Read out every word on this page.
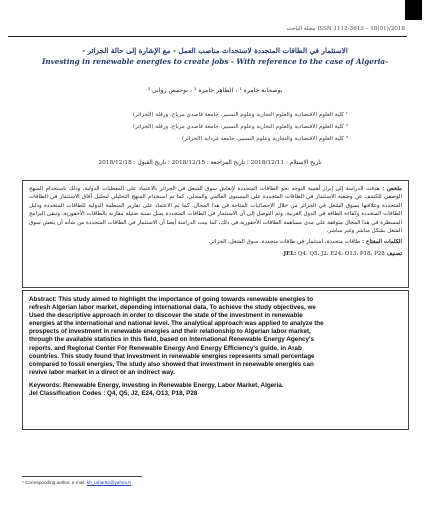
2018/(01)18 – ISSN 1112-3613 مجلة الباحث
الاستثمار في الطاقات المتجددة لاستحداث مناصب العمل - مع الإشارة إلى حالة الجزائر -
Investing in renewable energies to create jobs - With reference to the case of Algeria-
بوصحابة خامرة ¹ ، الطاهر خامرة ² ، بوحفص رواني ³
¹ كلية العلوم الاقتصادية والعلوم التجارية وعلوم التسيير، جامعة قاصدي مرباح، ورقلة (الجزائر)
² كلية العلوم الاقتصادية والعلوم التجارية وعلوم التسيير، جامعة قاصدي مرباح، ورقلة (الجزائر)
³ كلية العلوم الاقتصادية والتجارية وعلوم التسيير، جامعة غرداية (الجزائر)
تاريخ الاستلام : 2018/12/11 ؛ تاريخ المراجعة : 2018/12/15 ؛ تاريخ القبول : 2018/12/18
ملخص : هدفت الدراسة إلى إبراز أهمية التوجه نحو الطاقات المتجددة لإنعاش سوق الشغل في الجزائر بالاعتماد على المعطيات الدولية، وذلك باستخدام المنهج الوصفي للكشف عن وضعية الاستثمار في الطاقات المتجددة على المستوى العالمي والمحلي، كما تم استخدام المنهج التحليلي لتحليل آفاق الاستثمار في الطاقات المتجددة وعلاقتها بسوق الشغل في الجزائر من خلال الإحصائيات المتاحة في هذا المجال، كما تم الاعتماد على تقارير المنظمة الدولية للطاقات المتجددة ودليل الطاقات المتجددة وكفاءة الطاقة في الدول العربية، وتم التوصل إلى أن الاستثمار في الطاقات المتجددة يمثل نسبة ضئيلة مقارنة بالطاقات الأحفورية، وتبقى البرامج المسطرة في هذا المجال متوقفة على مدى مساهمة الطاقات الأحفورية في ذلك، كما بينت الدراسة أيضا أن الاستثمار في الطاقات المتجددة من شأنه أن ينعش سوق الشغل بشكل مباشر وغير مباشر.
الكلمات المفتاح : طاقات متجددة، استثمار في طاقات متجددة، سوق الشغل، الجزائر.
تصنيف JEL: Q4، Q5، J2، E24، O13، P18، P28.
Abstract: This study aimed to highlight the importance of going towards renewable energies to
refresh Algerian labor market, depending international data, To achieve the study objectives, we
Used the descriptive approach in order to discover the state of the investment in renewable
energies at the international and national level. The analytical approach was applied to analyze the
prospects of investment in renewable energies and their relationship to Algerian labor market,
through the available statistics in this field, based on International Renewable Energy Agency's
reports. and Regional Center For Renewable Energy And Energy Efficiency's guide, in Arab
countries. This study found that investment in renewable energies represents small percentage
compared to fossil energies, The study also showed that investment in renewable energies can
revive labor market in a direct or an indirect way.
Keywords: Renewable Energy, Investing in Renewable Energy, Labor Market, Algeria.
Jel Classification Codes : Q4, Q5, J2, E24, O13, P18, P28
* Corresponding author, e-mail: kh_tahar82@yahoo.fr
